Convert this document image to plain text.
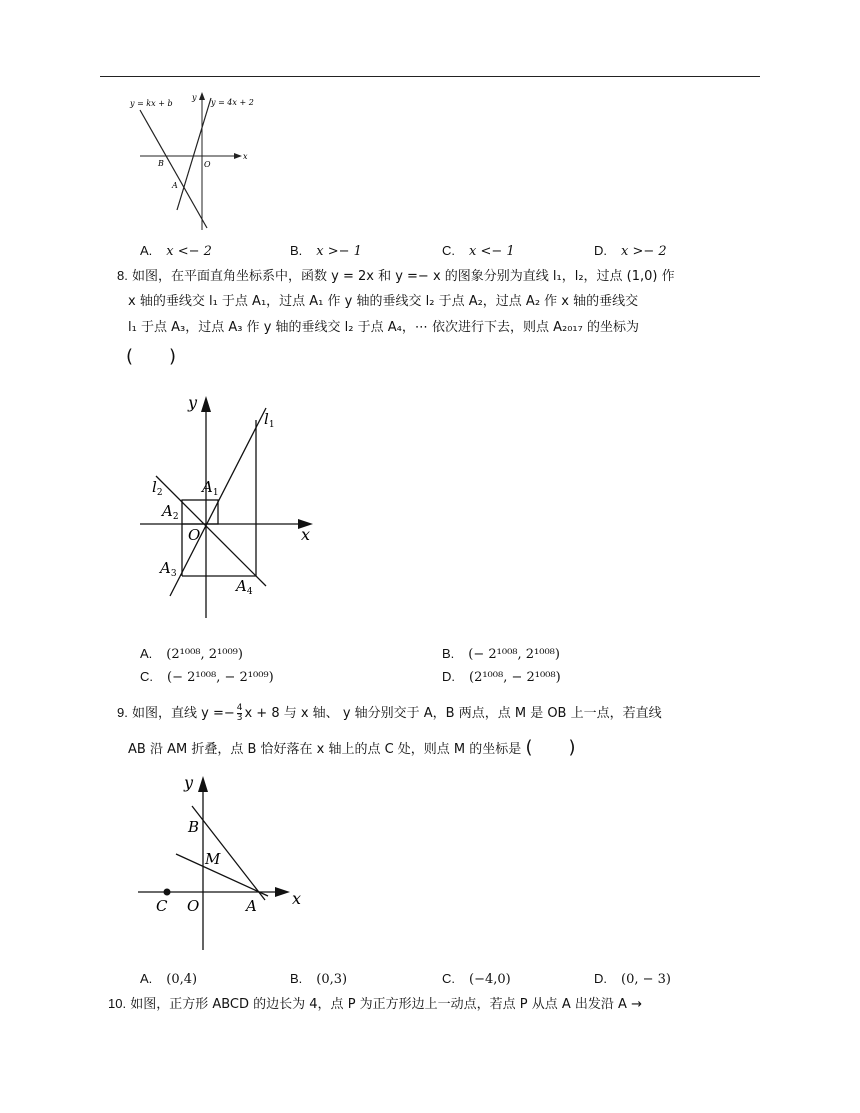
y = kx + b	y = 4x + 2
x
y
B	O
A
A. x <− 2	B. x >− 1	C. x <− 1	D. x >− 2
8. 如图，在平面直角坐标系中，函数 y = 2x 和 y =− x 的图象分别为直线 l₁，l₂，过点 (1,0) 作
x 轴的垂线交 l₁ 于点 A₁，过点 A₁ 作 y 轴的垂线交 l₂ 于点 A₂，过点 A₂ 作 x 轴的垂线交
l₁ 于点 A₃，过点 A₃ 作 y 轴的垂线交 l₂ 于点 A₄，⋯ 依次进行下去，则点 A₂₀₁₇ 的坐标为
(　　)
y
x
$l_1$
$l_2$	$A_1$
$A_2$
O
$A_3$
$A_4$
A. (2¹⁰⁰⁸, 2¹⁰⁰⁹)	B. (− 2¹⁰⁰⁸, 2¹⁰⁰⁸)
C. (− 2¹⁰⁰⁸, − 2¹⁰⁰⁹)	D. (2¹⁰⁰⁸, − 2¹⁰⁰⁸)
9. 如图，直线 $y =- \frac{4}{3}$ x + 8 与 x 轴、 y 轴分别交于 A，B 两点，点 M 是 OB 上一点，若直线
AB 沿 AM 折叠，点 B 恰好落在 x 轴上的点 C 处，则点 M 的坐标是 (　　)
y
x
B
M
C O	A
A. (0,4)	B. (0,3)	C. (−4,0)	D. (0, − 3)
10. 如图，正方形 ABCD 的边长为 4，点 P 为正方形边上一动点，若点 P 从点 A 出发沿 A →
